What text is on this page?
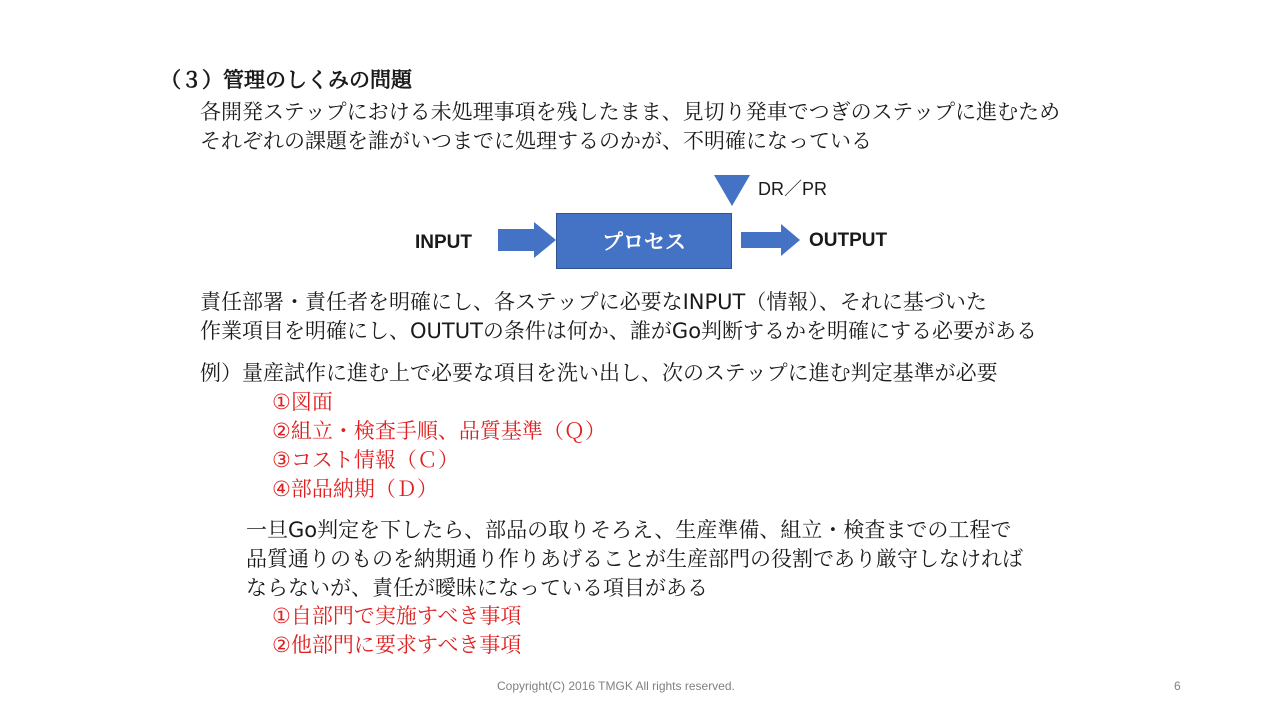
（３）管理のしくみの問題
各開発ステップにおける未処理事項を残したまま、見切り発車でつぎのステップに進むため
それぞれの課題を誰がいつまでに処理するのかが、不明確になっている
INPUT	プロセス	OUTPUT
DR／PR
責任部署・責任者を明確にし、各ステップに必要なINPUT（情報）、それに基づいた
作業項目を明確にし、OUTUTの条件は何か、誰がGo判断するかを明確にする必要がある
例）量産試作に進む上で必要な項目を洗い出し、次のステップに進む判定基準が必要
①図面
②組立・検査手順、品質基準（Ｑ）
③コスト情報（Ｃ）
④部品納期（Ｄ）
一旦Go判定を下したら、部品の取りそろえ、生産準備、組立・検査までの工程で
品質通りのものを納期通り作りあげることが生産部門の役割であり厳守しなければ
ならないが、責任が曖昧になっている項目がある
①自部門で実施すべき事項
②他部門に要求すべき事項
Copyright(C) 2016 TMGK All rights reserved.	6
